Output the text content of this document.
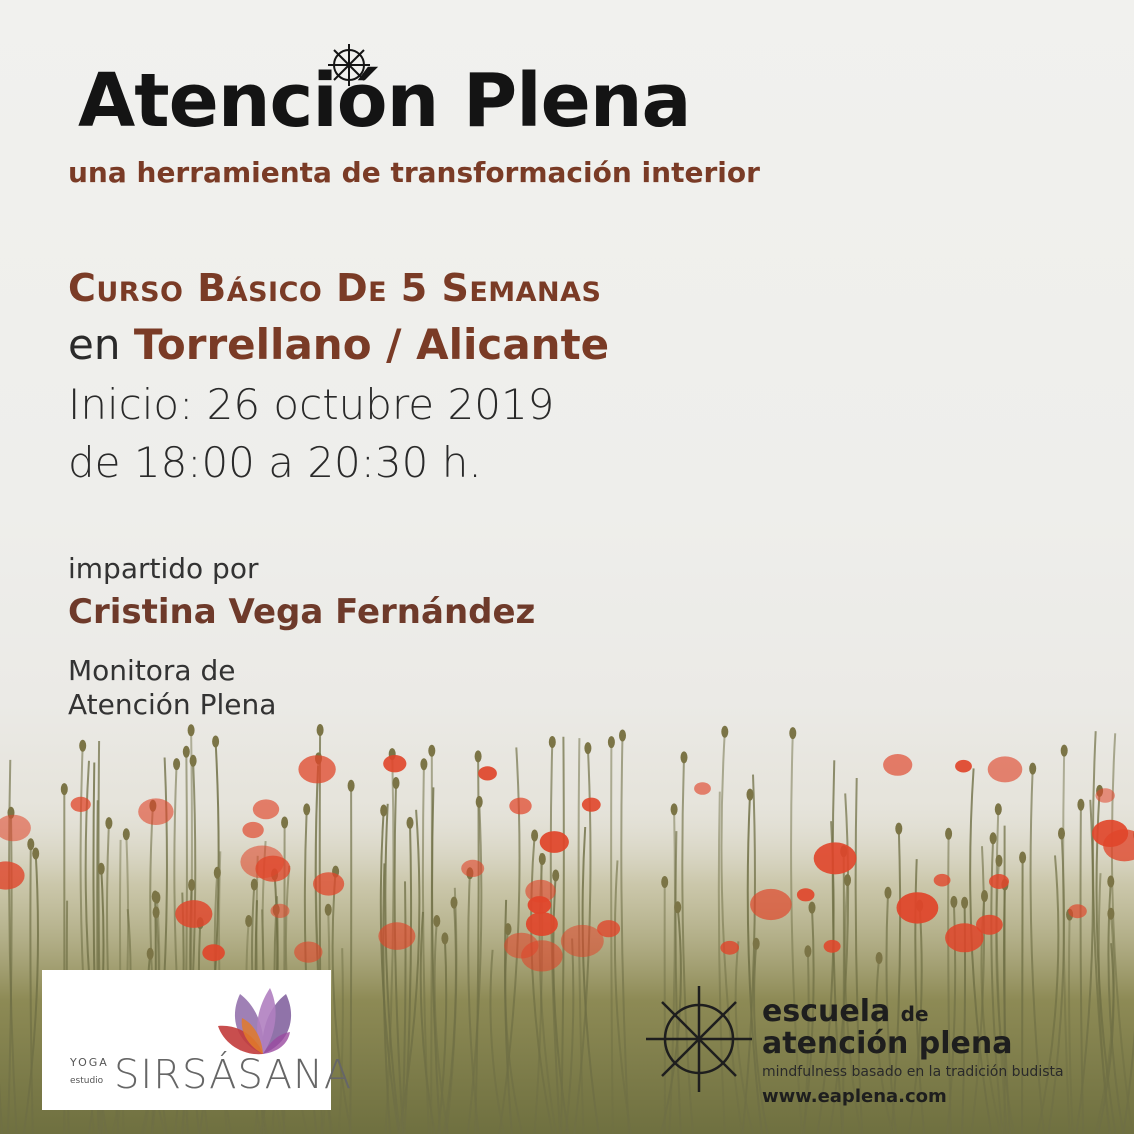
Atención Plena
una herramienta de transformación interior
Curso Básico De 5 Semanas
en Torrellano / Alicante
Inicio: 26 octubre 2019
de 18:00 a 20:30 h.
impartido por
Cristina Vega Fernández
Monitora de
Atención Plena
YOGA
estudio SIRSÁSANA
escuela de
atención plena
mindfulness basado en la tradición budista
www.eaplena.com
